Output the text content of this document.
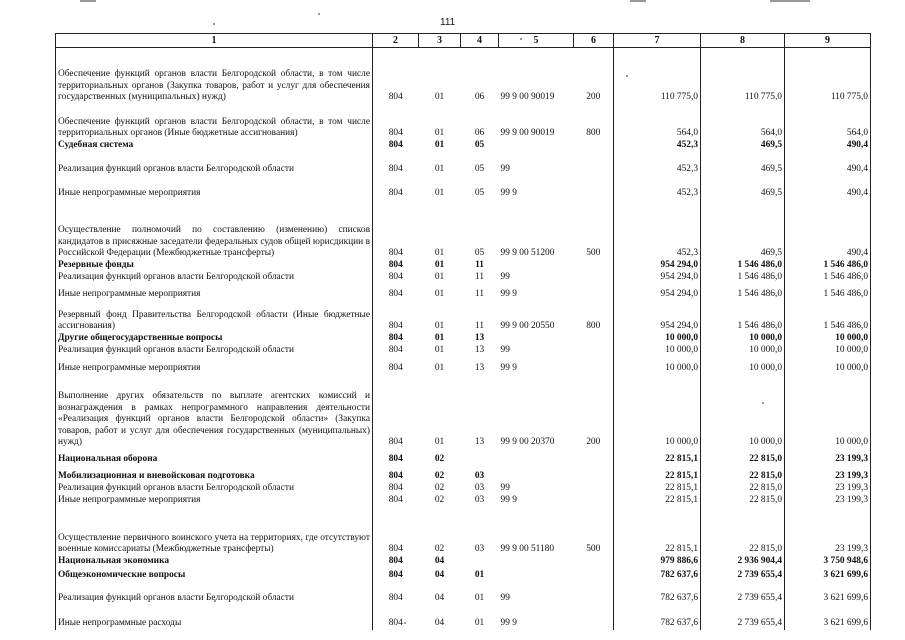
111
1	2	3	4	5	6	7	8	9
Обеспечение функций органов власти Белгородской области, в том числе территориальных органов (Закупка товаров, работ и услуг для обеспечения государственных (муниципальных) нужд)	804	01	06	99 9 00 90019	200	110 775,0	110 775,0	110 775,0
Обеспечение функций органов власти Белгородской области, в том числе территориальных органов (Иные бюджетные ассигнования)	804	01	06	99 9 00 90019	800	564,0	564,0	564,0
Судебная система	804	01	05			452,3	469,5	490,4
Реализация функций органов власти Белгородской области	804	01	05	99		452,3	469,5	490,4
Иные непрограммные мероприятия	804	01	05	99 9		452,3	469,5	490,4
Осуществление полномочий по составлению (изменению) списков кандидатов в присяжные заседатели федеральных судов общей юрисдикции в Российской Федерации (Межбюджетные трансферты)	804	01	05	99 9 00 51200	500	452,3	469,5	490,4
Резервные фонды	804	01	11			954 294,0	1 546 486,0	1 546 486,0
Реализация функций органов власти Белгородской области	804	01	11	99		954 294,0	1 546 486,0	1 546 486,0
Иные непрограммные мероприятия	804	01	11	99 9		954 294,0	1 546 486,0	1 546 486,0
Резервный фонд Правительства Белгородской области (Иные бюджетные ассигнования)	804	01	11	99 9 00 20550	800	954 294,0	1 546 486,0	1 546 486,0
Другие общегосударственные вопросы	804	01	13			10 000,0	10 000,0	10 000,0
Реализация функций органов власти Белгородской области	804	01	13	99		10 000,0	10 000,0	10 000,0
Иные непрограммные мероприятия	804	01	13	99 9		10 000,0	10 000,0	10 000,0
Выполнение других обязательств по выплате агентских комиссий и вознаграждения в рамках непрограммного направления деятельности «Реализация функций органов власти Белгородской области» (Закупка товаров, работ и услуг для обеспечения государственных (муниципальных) нужд)	804	01	13	99 9 00 20370	200	10 000,0	10 000,0	10 000,0
Национальная оборона	804	02				22 815,1	22 815,0	23 199,3
Мобилизационная и вневойсковая подготовка	804	02	03			22 815,1	22 815,0	23 199,3
Реализация функций органов власти Белгородской области	804	02	03	99		22 815,1	22 815,0	23 199,3
Иные непрограммные мероприятия	804	02	03	99 9		22 815,1	22 815,0	23 199,3
Осуществление первичного воинского учета на территориях, где отсутствуют военные комиссариаты (Межбюджетные трансферты)	804	02	03	99 9 00 51180	500	22 815,1	22 815,0	23 199,3
Национальная экономика	804	04				979 886,6	2 936 904,4	3 750 948,6
Общеэкономические вопросы	804	04	01			782 637,6	2 739 655,4	3 621 699,6
Реализация функций органов власти Белгородской области	804	04	01	99		782 637,6	2 739 655,4	3 621 699,6
Иные непрограммные расходы	804	04	01	99 9		782 637,6	2 739 655,4	3 621 699,6
